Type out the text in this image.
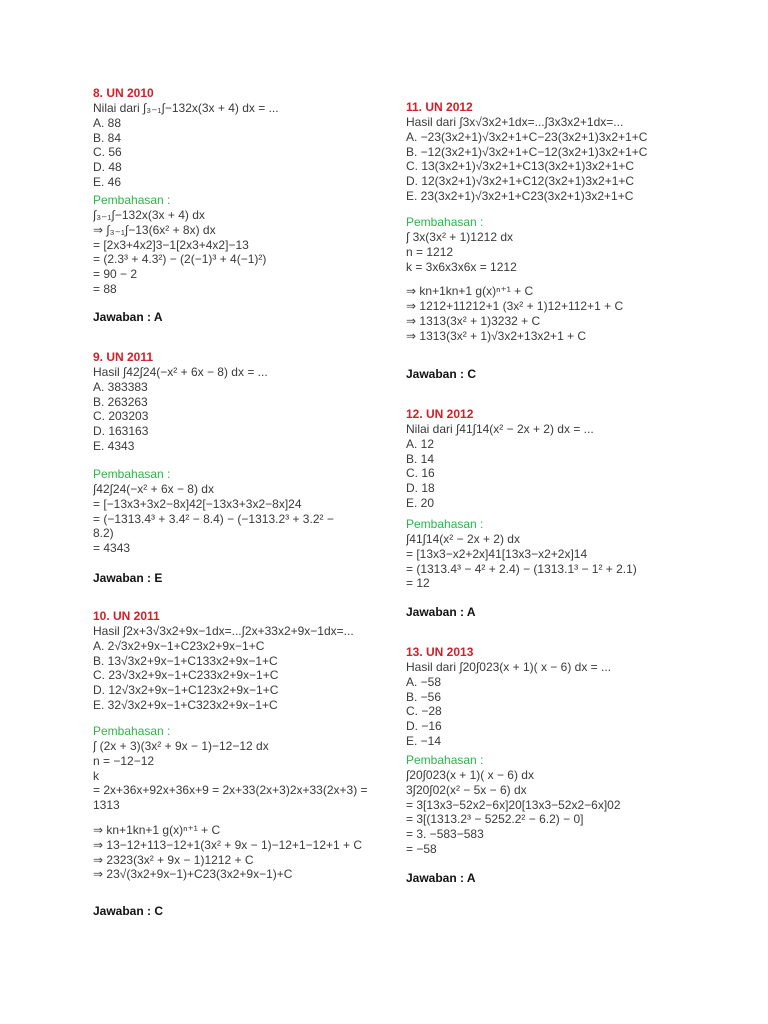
8. UN 2010
Nilai dari ∫₃₋₁∫−132x(3x + 4) dx = ...
A. 88
B. 84
C. 56
D. 48
E. 46
Pembahasan :
∫₃₋₁∫−132x(3x + 4) dx
⇒ ∫₃₋₁∫−13(6x² + 8x) dx
= [2x3+4x2]3−1[2x3+4x2]−13
= (2.3³ + 4.3²) − (2(−1)³ + 4(−1)²)
= 90 − 2
= 88
Jawaban : A
9. UN 2011
Hasil ∫42∫24(−x² + 6x − 8) dx = ...
A. 383383
B. 263263
C. 203203
D. 163163
E. 4343
Pembahasan :
∫42∫24(−x² + 6x − 8) dx
= [−13x3+3x2−8x]42[−13x3+3x2−8x]24
= (−1313.4³ + 3.4² − 8.4) − (−1313.2³ + 3.2² −
8.2)
= 4343
Jawaban : E
10. UN 2011
Hasil ∫2x+3√3x2+9x−1dx=...∫2x+33x2+9x−1dx=...
A. 2√3x2+9x−1+C23x2+9x−1+C
B. 13√3x2+9x−1+C133x2+9x−1+C
C. 23√3x2+9x−1+C233x2+9x−1+C
D. 12√3x2+9x−1+C123x2+9x−1+C
E. 32√3x2+9x−1+C323x2+9x−1+C
Pembahasan :
∫ (2x + 3)(3x² + 9x − 1)−12−12 dx
n = −12−12
k
= 2x+36x+92x+36x+9 = 2x+33(2x+3)2x+33(2x+3) =
1313
⇒ kn+1kn+1 g(x)ⁿ⁺¹ + C
⇒ 13−12+113−12+1(3x² + 9x − 1)−12+1−12+1 + C
⇒ 2323(3x² + 9x − 1)1212 + C
⇒ 23√(3x2+9x−1)+C23(3x2+9x−1)+C
Jawaban : C
11. UN 2012
Hasil dari ∫3x√3x2+1dx=...∫3x3x2+1dx=...
A. −23(3x2+1)√3x2+1+C−23(3x2+1)3x2+1+C
B. −12(3x2+1)√3x2+1+C−12(3x2+1)3x2+1+C
C. 13(3x2+1)√3x2+1+C13(3x2+1)3x2+1+C
D. 12(3x2+1)√3x2+1+C12(3x2+1)3x2+1+C
E. 23(3x2+1)√3x2+1+C23(3x2+1)3x2+1+C
Pembahasan :
∫ 3x(3x² + 1)1212 dx
n = 1212
k = 3x6x3x6x = 1212
⇒ kn+1kn+1 g(x)ⁿ⁺¹ + C
⇒ 1212+11212+1 (3x² + 1)12+112+1 + C
⇒ 1313(3x² + 1)3232 + C
⇒ 1313(3x² + 1)√3x2+13x2+1 + C
Jawaban : C
12. UN 2012
Nilai dari ∫41∫14(x² − 2x + 2) dx = ...
A. 12
B. 14
C. 16
D. 18
E. 20
Pembahasan :
∫41∫14(x² − 2x + 2) dx
= [13x3−x2+2x]41[13x3−x2+2x]14
= (1313.4³ − 4² + 2.4) − (1313.1³ − 1² + 2.1)
= 12
Jawaban : A
13. UN 2013
Hasil dari ∫20∫023(x + 1)( x − 6) dx = ...
A. −58
B. −56
C. −28
D. −16
E. −14
Pembahasan :
∫20∫023(x + 1)( x − 6) dx
3∫20∫02(x² − 5x − 6) dx
= 3[13x3−52x2−6x]20[13x3−52x2−6x]02
= 3[(1313.2³ − 5252.2² − 6.2) − 0]
= 3. −583−583
= −58
Jawaban : A
